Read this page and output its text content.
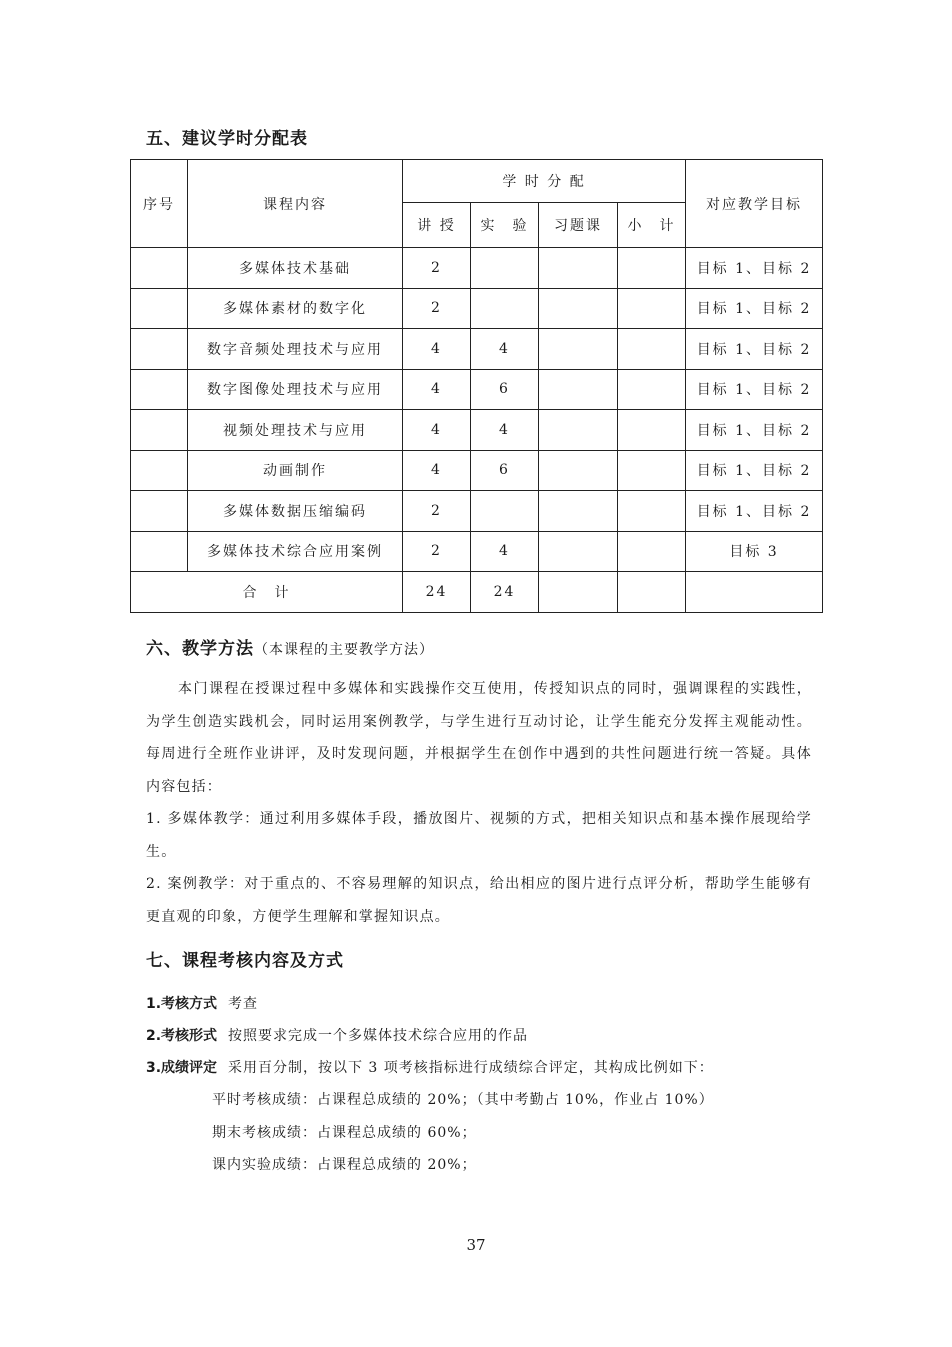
五、建议学时分配表
序号	课程内容	学 时 分 配				对应教学目标
		讲 授	实　验	习题课	小　计	
	多媒体技术基础	2				目标 1、目标 2
	多媒体素材的数字化	2				目标 1、目标 2
	数字音频处理技术与应用	4	4			目标 1、目标 2
	数字图像处理技术与应用	4	6			目标 1、目标 2
	视频处理技术与应用	4	4			目标 1、目标 2
	动画制作	4	6			目标 1、目标 2
	多媒体数据压缩编码	2				目标 1、目标 2
	多媒体技术综合应用案例	2	4			目标 3
合　计		24	24			
六、教学方法（本课程的主要教学方法）

本门课程在授课过程中多媒体和实践操作交互使用，传授知识点的同时，强调课程的实践性，为学生创造实践机会，同时运用案例教学，与学生进行互动讨论，让学生能充分发挥主观能动性。每周进行全班作业讲评，及时发现问题，并根据学生在创作中遇到的共性问题进行统一答疑。具体内容包括：

1. 多媒体教学：通过利用多媒体手段，播放图片、视频的方式，把相关知识点和基本操作展现给学生。

2. 案例教学：对于重点的、不容易理解的知识点，给出相应的图片进行点评分析，帮助学生能够有更直观的印象，方便学生理解和掌握知识点。

七、课程考核内容及方式
1.考核方式 考查
2.考核形式 按照要求完成一个多媒体技术综合应用的作品
3.成绩评定 采用百分制，按以下 3 项考核指标进行成绩综合评定，其构成比例如下：
平时考核成绩：占课程总成绩的 20%；（其中考勤占 10%，作业占 10%）
期末考核成绩：占课程总成绩的 60%；
课内实验成绩：占课程总成绩的 20%；
37
